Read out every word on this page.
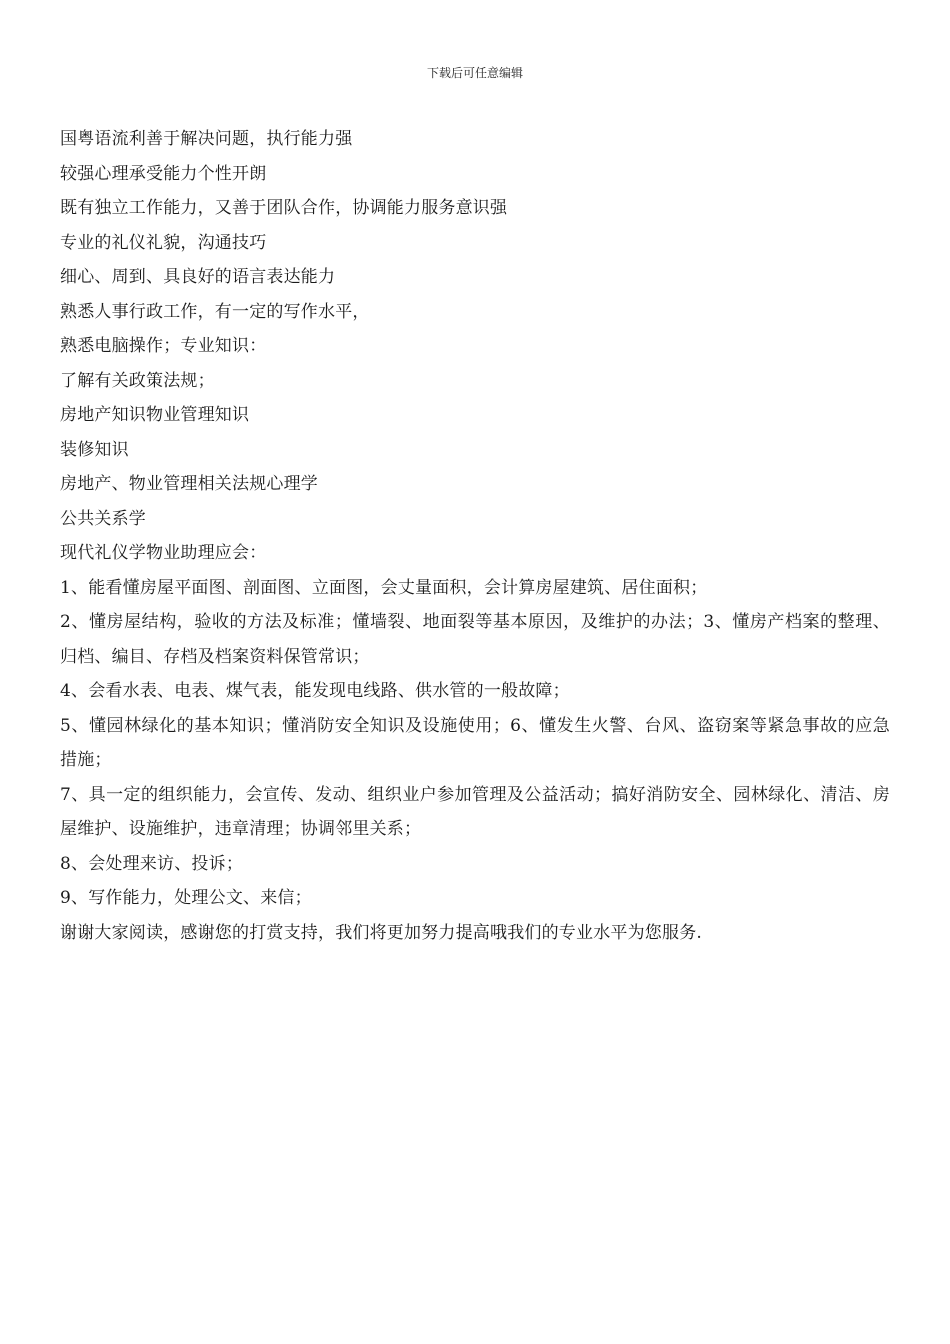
下载后可任意编辑
国粤语流利善于解决问题，执行能力强
较强心理承受能力个性开朗
既有独立工作能力，又善于团队合作，协调能力服务意识强
专业的礼仪礼貌，沟通技巧
细心、周到、具良好的语言表达能力
熟悉人事行政工作，有一定的写作水平，
熟悉电脑操作；专业知识：
了解有关政策法规；
房地产知识物业管理知识
装修知识
房地产、物业管理相关法规心理学
公共关系学
现代礼仪学物业助理应会：
1、能看懂房屋平面图、剖面图、立面图，会丈量面积，会计算房屋建筑、居住面积；
2、懂房屋结构，验收的方法及标准；懂墙裂、地面裂等基本原因，及维护的办法；3、懂房产档案的整理、归档、编目、存档及档案资料保管常识；
4、会看水表、电表、煤气表，能发现电线路、供水管的一般故障；
5、懂园林绿化的基本知识；懂消防安全知识及设施使用；6、懂发生火警、台风、盗窃案等紧急事故的应急措施；
7、具一定的组织能力，会宣传、发动、组织业户参加管理及公益活动；搞好消防安全、园林绿化、清洁、房屋维护、设施维护，违章清理；协调邻里关系；
8、会处理来访、投诉；
9、写作能力，处理公文、来信；
谢谢大家阅读，感谢您的打赏支持，我们将更加努力提高哦我们的专业水平为您服务.
